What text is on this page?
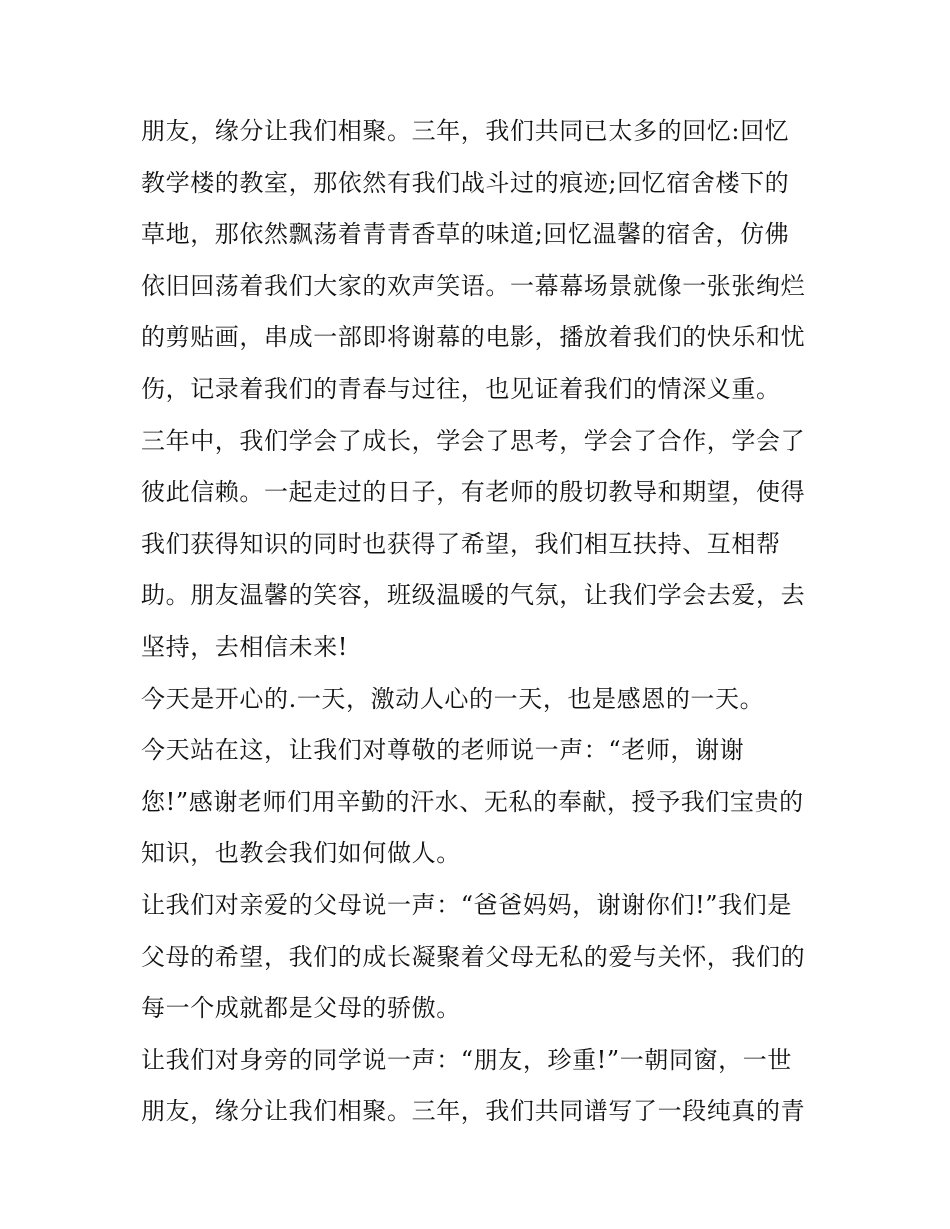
朋友，缘分让我们相聚。三年，我们共同已太多的回忆:回忆
教学楼的教室，那依然有我们战斗过的痕迹;回忆宿舍楼下的
草地，那依然飘荡着青青香草的味道;回忆温馨的宿舍，仿佛
依旧回荡着我们大家的欢声笑语。一幕幕场景就像一张张绚烂
的剪贴画，串成一部即将谢幕的电影，播放着我们的快乐和忧
伤，记录着我们的青春与过往，也见证着我们的情深义重。
三年中，我们学会了成长，学会了思考，学会了合作，学会了
彼此信赖。一起走过的日子，有老师的殷切教导和期望，使得
我们获得知识的同时也获得了希望，我们相互扶持、互相帮
助。朋友温馨的笑容，班级温暖的气氛，让我们学会去爱，去
坚持，去相信未来!
今天是开心的.一天，激动人心的一天，也是感恩的一天。
今天站在这，让我们对尊敬的老师说一声：“老师，谢谢
您!”感谢老师们用辛勤的汗水、无私的奉献，授予我们宝贵的
知识，也教会我们如何做人。
让我们对亲爱的父母说一声：“爸爸妈妈，谢谢你们!”我们是
父母的希望，我们的成长凝聚着父母无私的爱与关怀，我们的
每一个成就都是父母的骄傲。
让我们对身旁的同学说一声：“朋友，珍重!”一朝同窗，一世
朋友，缘分让我们相聚。三年，我们共同谱写了一段纯真的青
